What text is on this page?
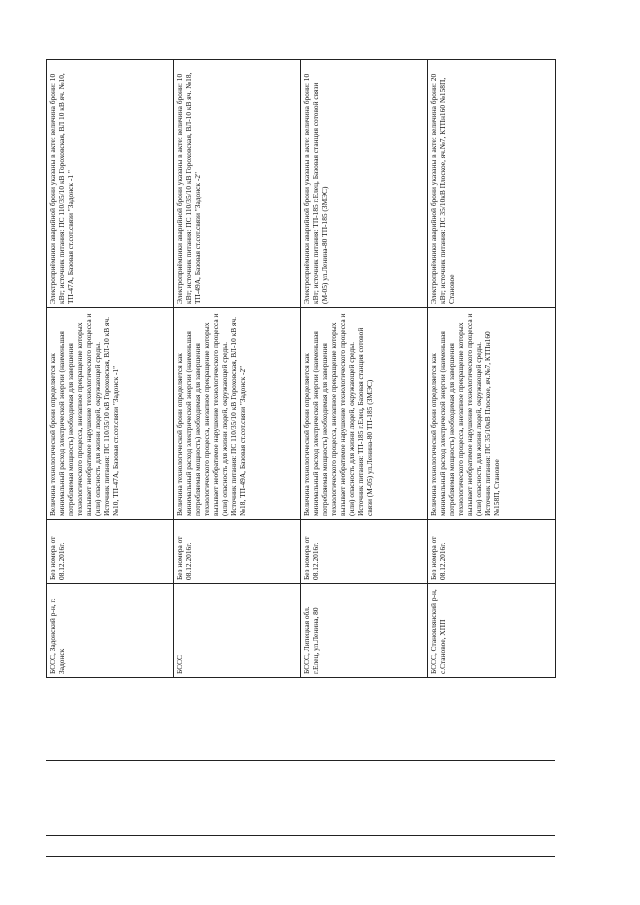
БССС, Задонский р-н, г. Задонск	Без номера от 08.12.2016г.	Величина технологической брони определяется как минимальный расход электрической энергии (наименьшая потребляемая мощность) необходимая для завершения технологического процесса, внезапное прекращение которых вызывает необратимое нарушение технологического процесса и (или) опасность для жизни людей, окружающей среды. Источник питания: ПС 110/35/10 кВ Гороховская, ВЛ-10 кВ яч. №10, ТП-47А, Базовая ст.сот.связи "Задонск -1"	Электроприёмники аварийной брони указаны в акте: величина брони: 10 кВт; источник питания: ПС 110/35/10 кВ Гороховская, ВЛ 10 кВ яч. №10, ТП-47А, Базовая ст.сот.связи "Задонск -1 "
БССС	Без номера от 08.12.2016г.	Величина технологической брони определяется как минимальный расход электрической энергии (наименьшая потребляемая мощность) необходимая для завершения технологического процесса, внезапное прекращение которых вызывает необратимое нарушение технологического процесса и (или) опасность для жизни людей, окружающей среды. Источник питания: ПС 110/35/10 кВ Гороховская, ВЛ-10 кВ яч. №18, ТП-49А, Базовая ст.сот.связи "Задонск -2"	Электроприёмники аварийной брони указаны в акте: величина брони: 10 кВт; источник питания: ПС 110/35/10 кВ Гороховская, ВЛ-10 кВ яч. №18, ТП-49А, Базовая ст.сот.связи "Задонск -2"
БССС, Липецкая обл. г.Елец, ул.Ленина, 80	Без номера от 08.12.2016г.	Величина технологической брони определяется как минимальный расход электрической энергии (наименьшая потребляемая мощность) необходимая для завершения технологического процесса, внезапное прекращение которых вызывает необратимое нарушение технологического процесса и (или) опасность для жизни людей, окружающей среды. Источник питания: ТП-185 г.Елец, Базовая станция сотовой связи (М-05) ул.Ленина-80 ТП-185 (ЗМЭС)	Электроприёмники аварийной брони указаны в акте: величина брони: 10 кВт; источник питания: ТП-185 г.Елец, Базовая станция сотовой связи (М-05) ул.Ленина-80 ТП-185 (ЗМЭС)
БССС, Становлянский р-н, с.Становое, ХПП	Без номера от 08.12.2016г.	Величина технологической брони определяется как минимальный расход электрической энергии (наименьшая потребляемая мощность) необходимая для завершения технологического процесса, внезапное прекращение которых вызывает необратимое нарушение технологического процесса и (или) опасность для жизни людей, окружающей среды. Источник питания: ПС 35/10кВ Плоское, яч.№7, КТПн160 №158П, Становое	Электроприёмники аварийной брони указаны в акте: величина брони: 20 кВт; источник питания: ПС 35/10кВ Плоское, яч.№7, КТПн160 №158П, Становое
